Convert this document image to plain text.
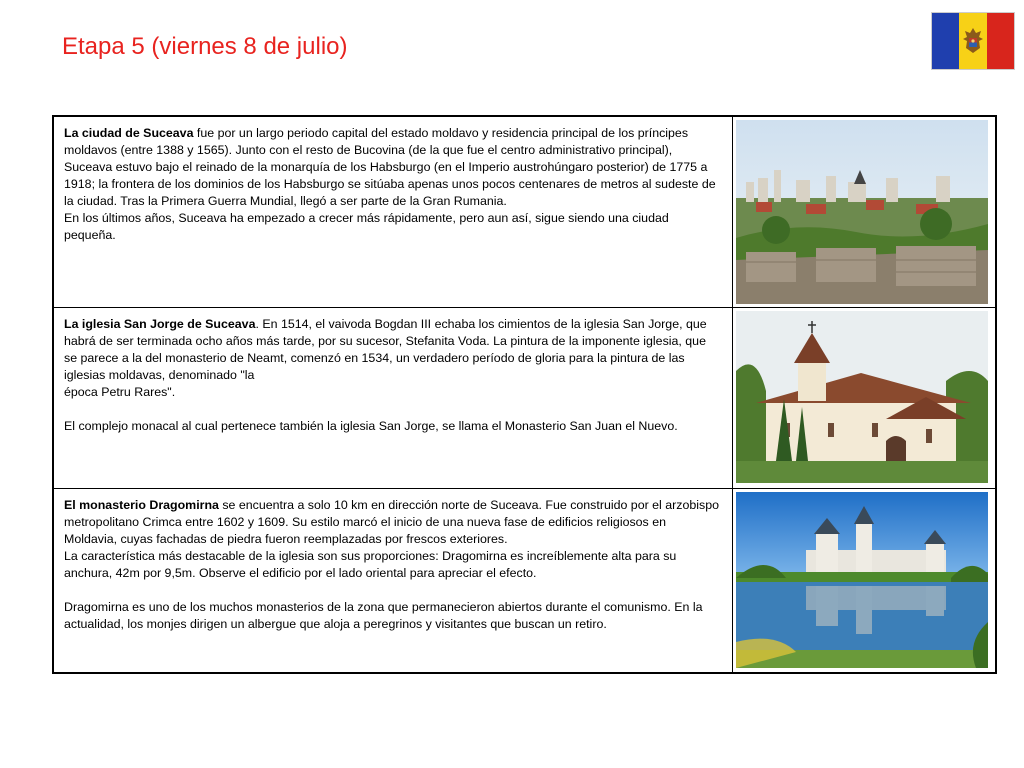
Etapa 5 (viernes 8 de julio)

La ciudad de Suceava fue por un largo periodo capital del estado moldavo y residencia principal de los príncipes moldavos (entre 1388 y 1565). Junto con el resto de Bucovina (de la que fue el centro administrativo principal), Suceava estuvo bajo el reinado de la monarquía de los Habsburgo (en el Imperio austrohúngaro posterior) de 1775 a 1918; la frontera de los dominios de los Habsburgo se sitúaba apenas unos pocos centenares de metros al sudeste de la ciudad. Tras la Primera Guerra Mundial, llegó a ser parte de la Gran Rumania.

En los últimos años, Suceava ha empezado a crecer más rápidamente, pero aun así, sigue siendo una ciudad pequeña.

La iglesia San Jorge de Suceava. En 1514, el vaivoda Bogdan III echaba los cimientos de la iglesia San Jorge, que habrá de ser terminada ocho años más tarde, por su sucesor, Stefanita Voda. La pintura de la imponente iglesia, que se parece a la del monasterio de Neamt, comenzó en 1534, un verdadero período de gloria para la pintura de las iglesias moldavas, denominado "la

época Petru Rares".

El complejo monacal al cual pertenece también la iglesia San Jorge, se llama el Monasterio San Juan el Nuevo.

El monasterio Dragomirna se encuentra a solo 10 km en dirección norte de Suceava. Fue construido por el arzobispo metropolitano Crimca entre 1602 y 1609. Su estilo marcó el inicio de una nueva fase de edificios religiosos en Moldavia, cuyas fachadas de piedra fueron reemplazadas por frescos exteriores.

La característica más destacable de la iglesia son sus proporciones: Dragomirna es increíblemente alta para su anchura, 42m por 9,5m. Observe el edificio por el lado oriental para apreciar el efecto.

Dragomirna es uno de los muchos monasterios de la zona que permanecieron abiertos durante el comunismo. En la actualidad, los monjes dirigen un albergue que aloja a peregrinos y visitantes que buscan un retiro.
